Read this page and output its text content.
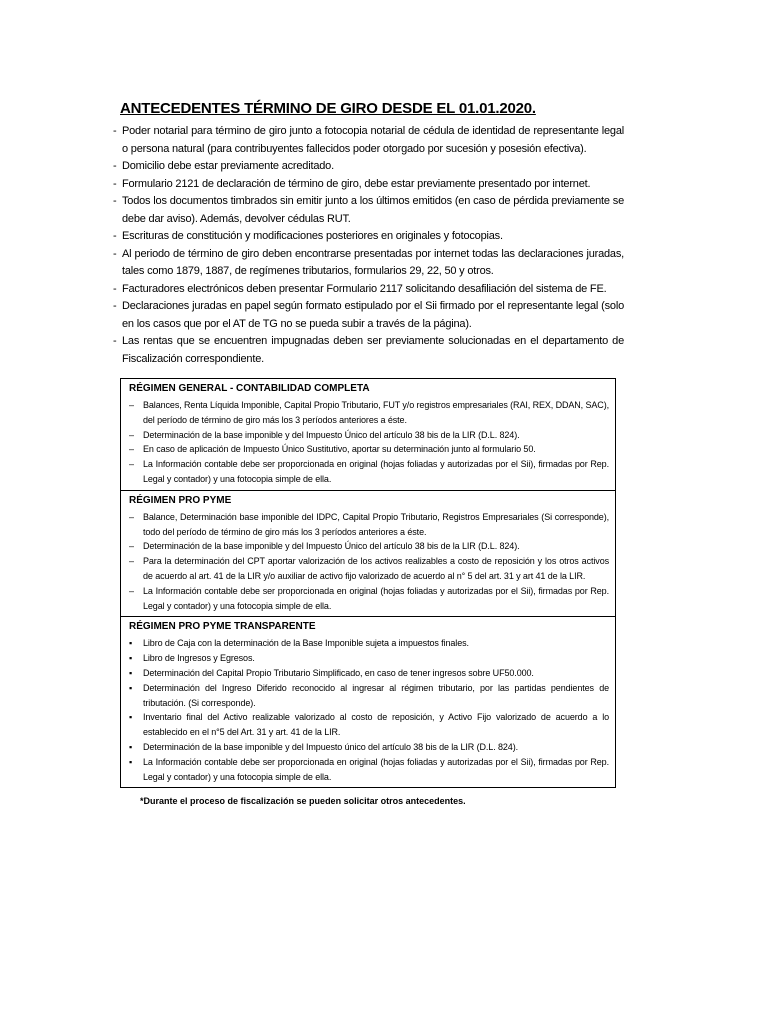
ANTECEDENTES TÉRMINO DE GIRO DESDE EL 01.01.2020.
- Poder notarial para término de giro junto a fotocopia notarial de cédula de identidad de representante legal o persona natural (para contribuyentes fallecidos poder otorgado por sucesión y posesión efectiva).
- Domicilio debe estar previamente acreditado.
- Formulario 2121 de declaración de término de giro, debe estar previamente presentado por internet.
- Todos los documentos timbrados sin emitir junto a los últimos emitidos (en caso de pérdida previamente se debe dar aviso). Además, devolver cédulas RUT.
- Escrituras de constitución y modificaciones posteriores en originales y fotocopias.
- Al periodo de término de giro deben encontrarse presentadas por internet todas las declaraciones juradas, tales como 1879, 1887, de regímenes tributarios, formularios 29, 22, 50 y otros.
- Facturadores electrónicos deben presentar Formulario 2117 solicitando desafiliación del sistema de FE.
- Declaraciones juradas en papel según formato estipulado por el Sii firmado por el representante legal (solo en los casos que por el AT de TG no se pueda subir a través de la página).
- Las rentas que se encuentren impugnadas deben ser previamente solucionadas en el departamento de Fiscalización correspondiente.
RÉGIMEN GENERAL - CONTABILIDAD COMPLETA
– Balances, Renta Líquida Imponible, Capital Propio Tributario, FUT y/o registros empresariales (RAI, REX, DDAN, SAC), del período de término de giro más los 3 períodos anteriores a éste.
– Determinación de la base imponible y del Impuesto Único del artículo 38 bis de la LIR (D.L. 824).
– En caso de aplicación de Impuesto Único Sustitutivo, aportar su determinación junto al formulario 50.
– La Información contable debe ser proporcionada en original (hojas foliadas y autorizadas por el Sii), firmadas por Rep. Legal y contador) y una fotocopia simple de ella.

RÉGIMEN PRO PYME
– Balance, Determinación base imponible del IDPC, Capital Propio Tributario, Registros Empresariales (Si corresponde), todo del período de término de giro más los 3 períodos anteriores a éste.
– Determinación de la base imponible y del Impuesto Único del artículo 38 bis de la LIR (D.L. 824).
– Para la determinación del CPT aportar valorización de los activos realizables a costo de reposición y los otros activos de acuerdo al art. 41 de la LIR y/o auxiliar de activo fijo valorizado de acuerdo al n° 5 del art. 31 y art 41 de la LIR.
– La Información contable debe ser proporcionada en original (hojas foliadas y autorizadas por el Sii), firmadas por Rep. Legal y contador) y una fotocopia simple de ella.

RÉGIMEN PRO PYME TRANSPARENTE
▪ Libro de Caja con la determinación de la Base Imponible sujeta a impuestos finales.
▪ Libro de Ingresos y Egresos.
▪ Determinación del Capital Propio Tributario Simplificado, en caso de tener ingresos sobre UF50.000.
▪ Determinación del Ingreso Diferido reconocido al ingresar al régimen tributario, por las partidas pendientes de tributación. (Si corresponde).
▪ Inventario final del Activo realizable valorizado al costo de reposición, y Activo Fijo valorizado de acuerdo a lo establecido en el n°5 del Art. 31 y art. 41 de la LIR.
▪ Determinación de la base imponible y del Impuesto único del artículo 38 bis de la LIR (D.L. 824).
▪ La Información contable debe ser proporcionada en original (hojas foliadas y autorizadas por el Sii), firmadas por Rep. Legal y contador) y una fotocopia simple de ella.
*Durante el proceso de fiscalización se pueden solicitar otros antecedentes.
